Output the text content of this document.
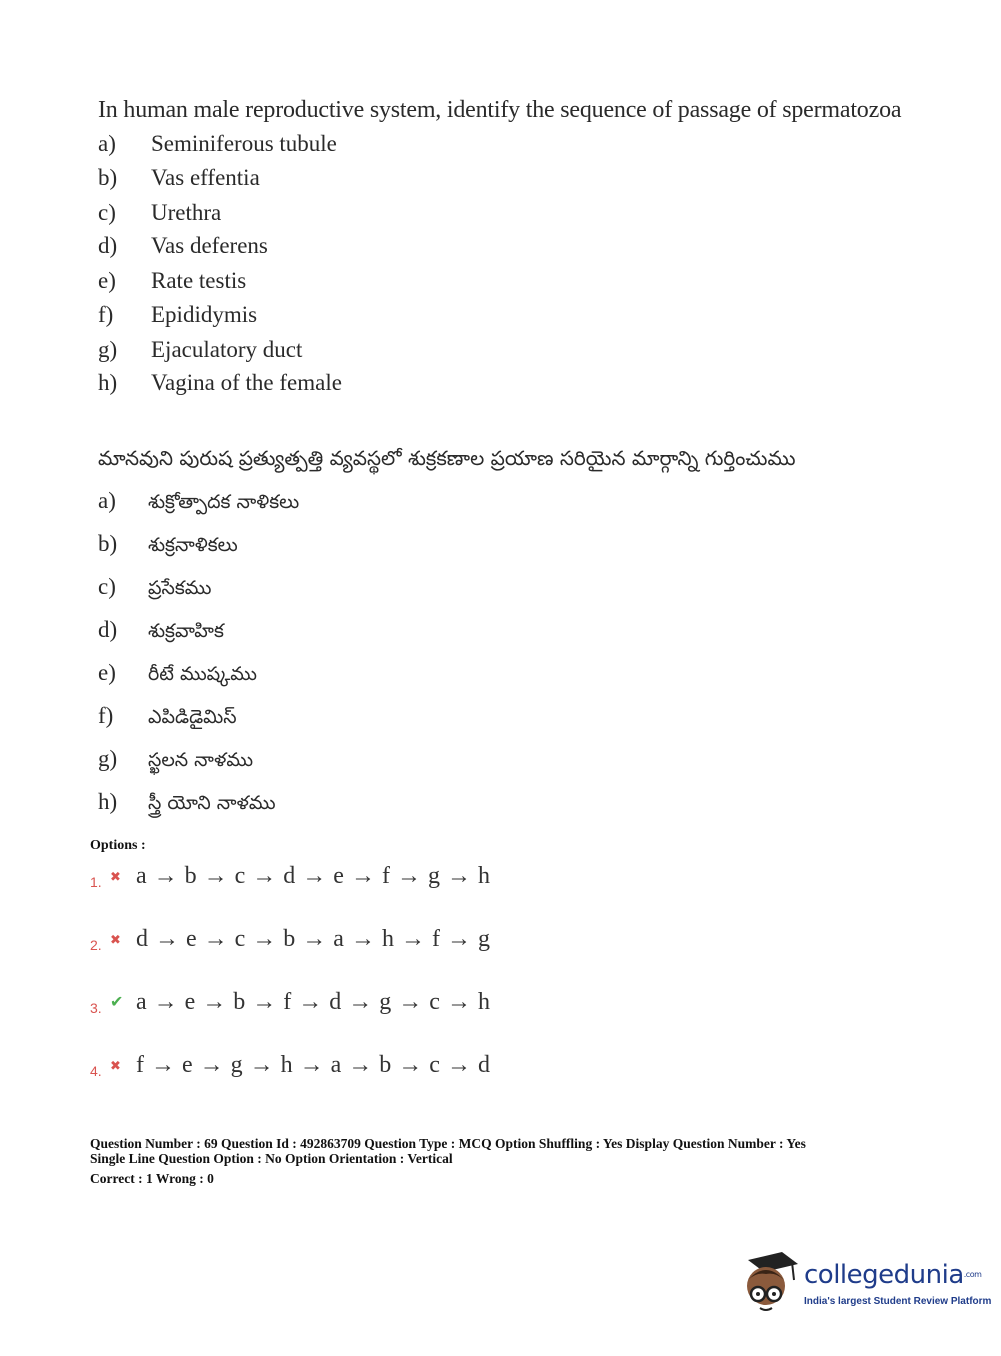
In human male reproductive system, identify the sequence of passage of spermatozoa
a) Seminiferous tubule
b) Vas effentia
c) Urethra
d) Vas deferens
e) Rate testis
f) Epididymis
g) Ejaculatory duct
h) Vagina of the female
మానవుని పురుష ప్రత్యుత్పత్తి వ్యవస్థలో శుక్రకణాల ప్రయాణ సరియైన మార్గాన్ని గుర్తించుము
a) శుక్రోత్పాదక నాళికలు
b) శుక్రనాళికలు
c) ప్రసేకము
d) శుక్రవాహిక
e) రీటే ముష్కము
f) ఎపిడిడైమిస్
g) స్ఖలన నాళము
h) స్త్రీ యోని నాళము
Options :
1. ✖ a → b → c → d → e → f → g → h
2. ✖ d → e → c → b → a → h → f → g
3. ✔ a → e → b → f → d → g → c → h
4. ✖ f → e → g → h → a → b → c → d
Question Number : 69 Question Id : 492863709 Question Type : MCQ Option Shuffling : Yes Display Question Number : Yes
Single Line Question Option : No Option Orientation : Vertical
Correct : 1 Wrong : 0
collegedunia$^{.com}$
India's largest Student Review Platform
